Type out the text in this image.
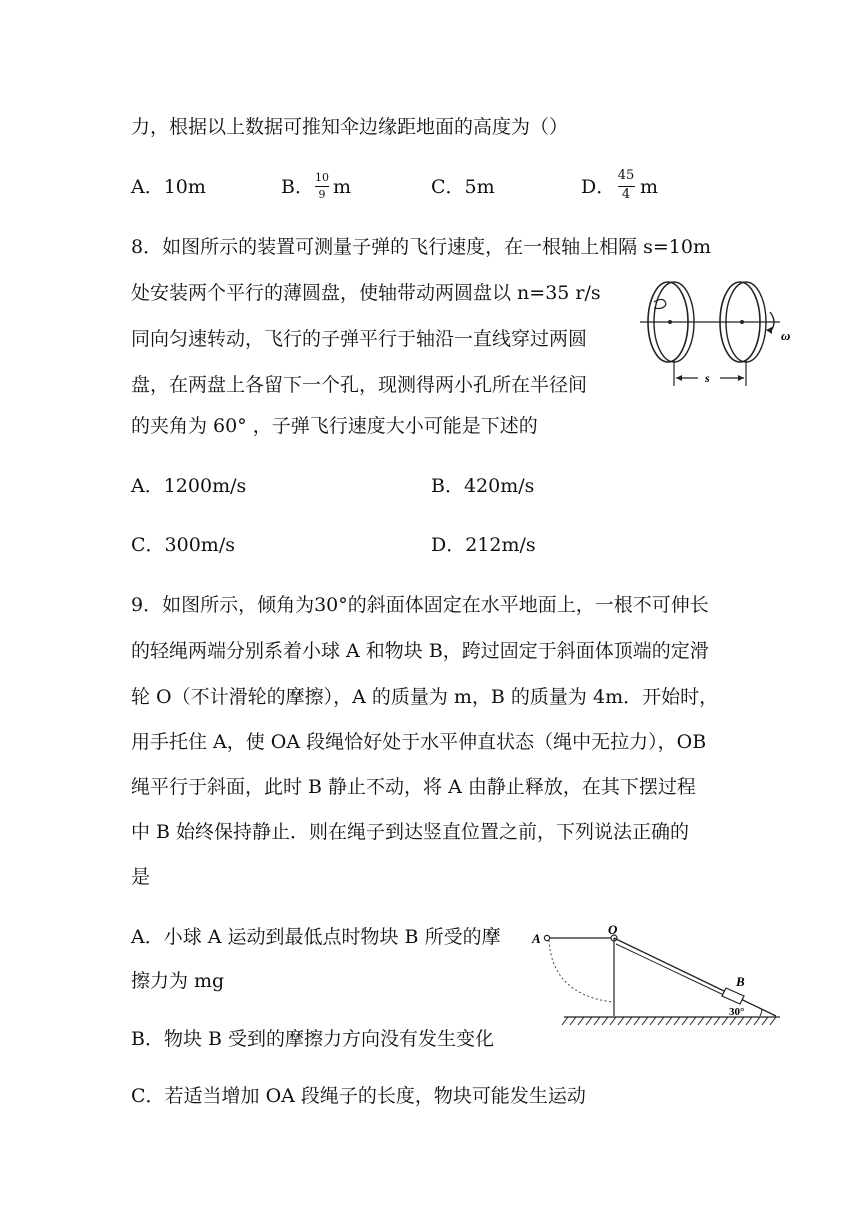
力，根据以上数据可推知伞边缘距地面的高度为（）
A．10m	B． 10
9 m	C．5m	D．
45
4 m
8．如图所示的装置可测量子弹的飞行速度，在一根轴上相隔 s=10m
处安装两个平行的薄圆盘，使轴带动两圆盘以 n=35 r/s
同向匀速转动，飞行的子弹平行于轴沿一直线穿过两圆
盘，在两盘上各留下一个孔，现测得两小孔所在半径间
的夹角为 60° ，子弹飞行速度大小可能是下述的
ω
s
A．1200m/s	B．420m/s
C．300m/s	D．212m/s
9．如图所示，倾角为30°的斜面体固定在水平地面上，一根不可伸长
的轻绳两端分别系着小球 A 和物块 B，跨过固定于斜面体顶端的定滑
轮 O（不计滑轮的摩擦），A 的质量为 m，B 的质量为 4m．开始时，
用手托住 A，使 OA 段绳恰好处于水平伸直状态（绳中无拉力），OB
绳平行于斜面，此时 B 静止不动，将 A 由静止释放，在其下摆过程
中 B 始终保持静止．则在绳子到达竖直位置之前，下列说法正确的
是
A．小球 A 运动到最低点时物块 B 所受的摩
擦力为 mg
B．物块 B 受到的摩擦力方向没有发生变化
C．若适当增加 OA 段绳子的长度，物块可能发生运动
A
O
B
30°
